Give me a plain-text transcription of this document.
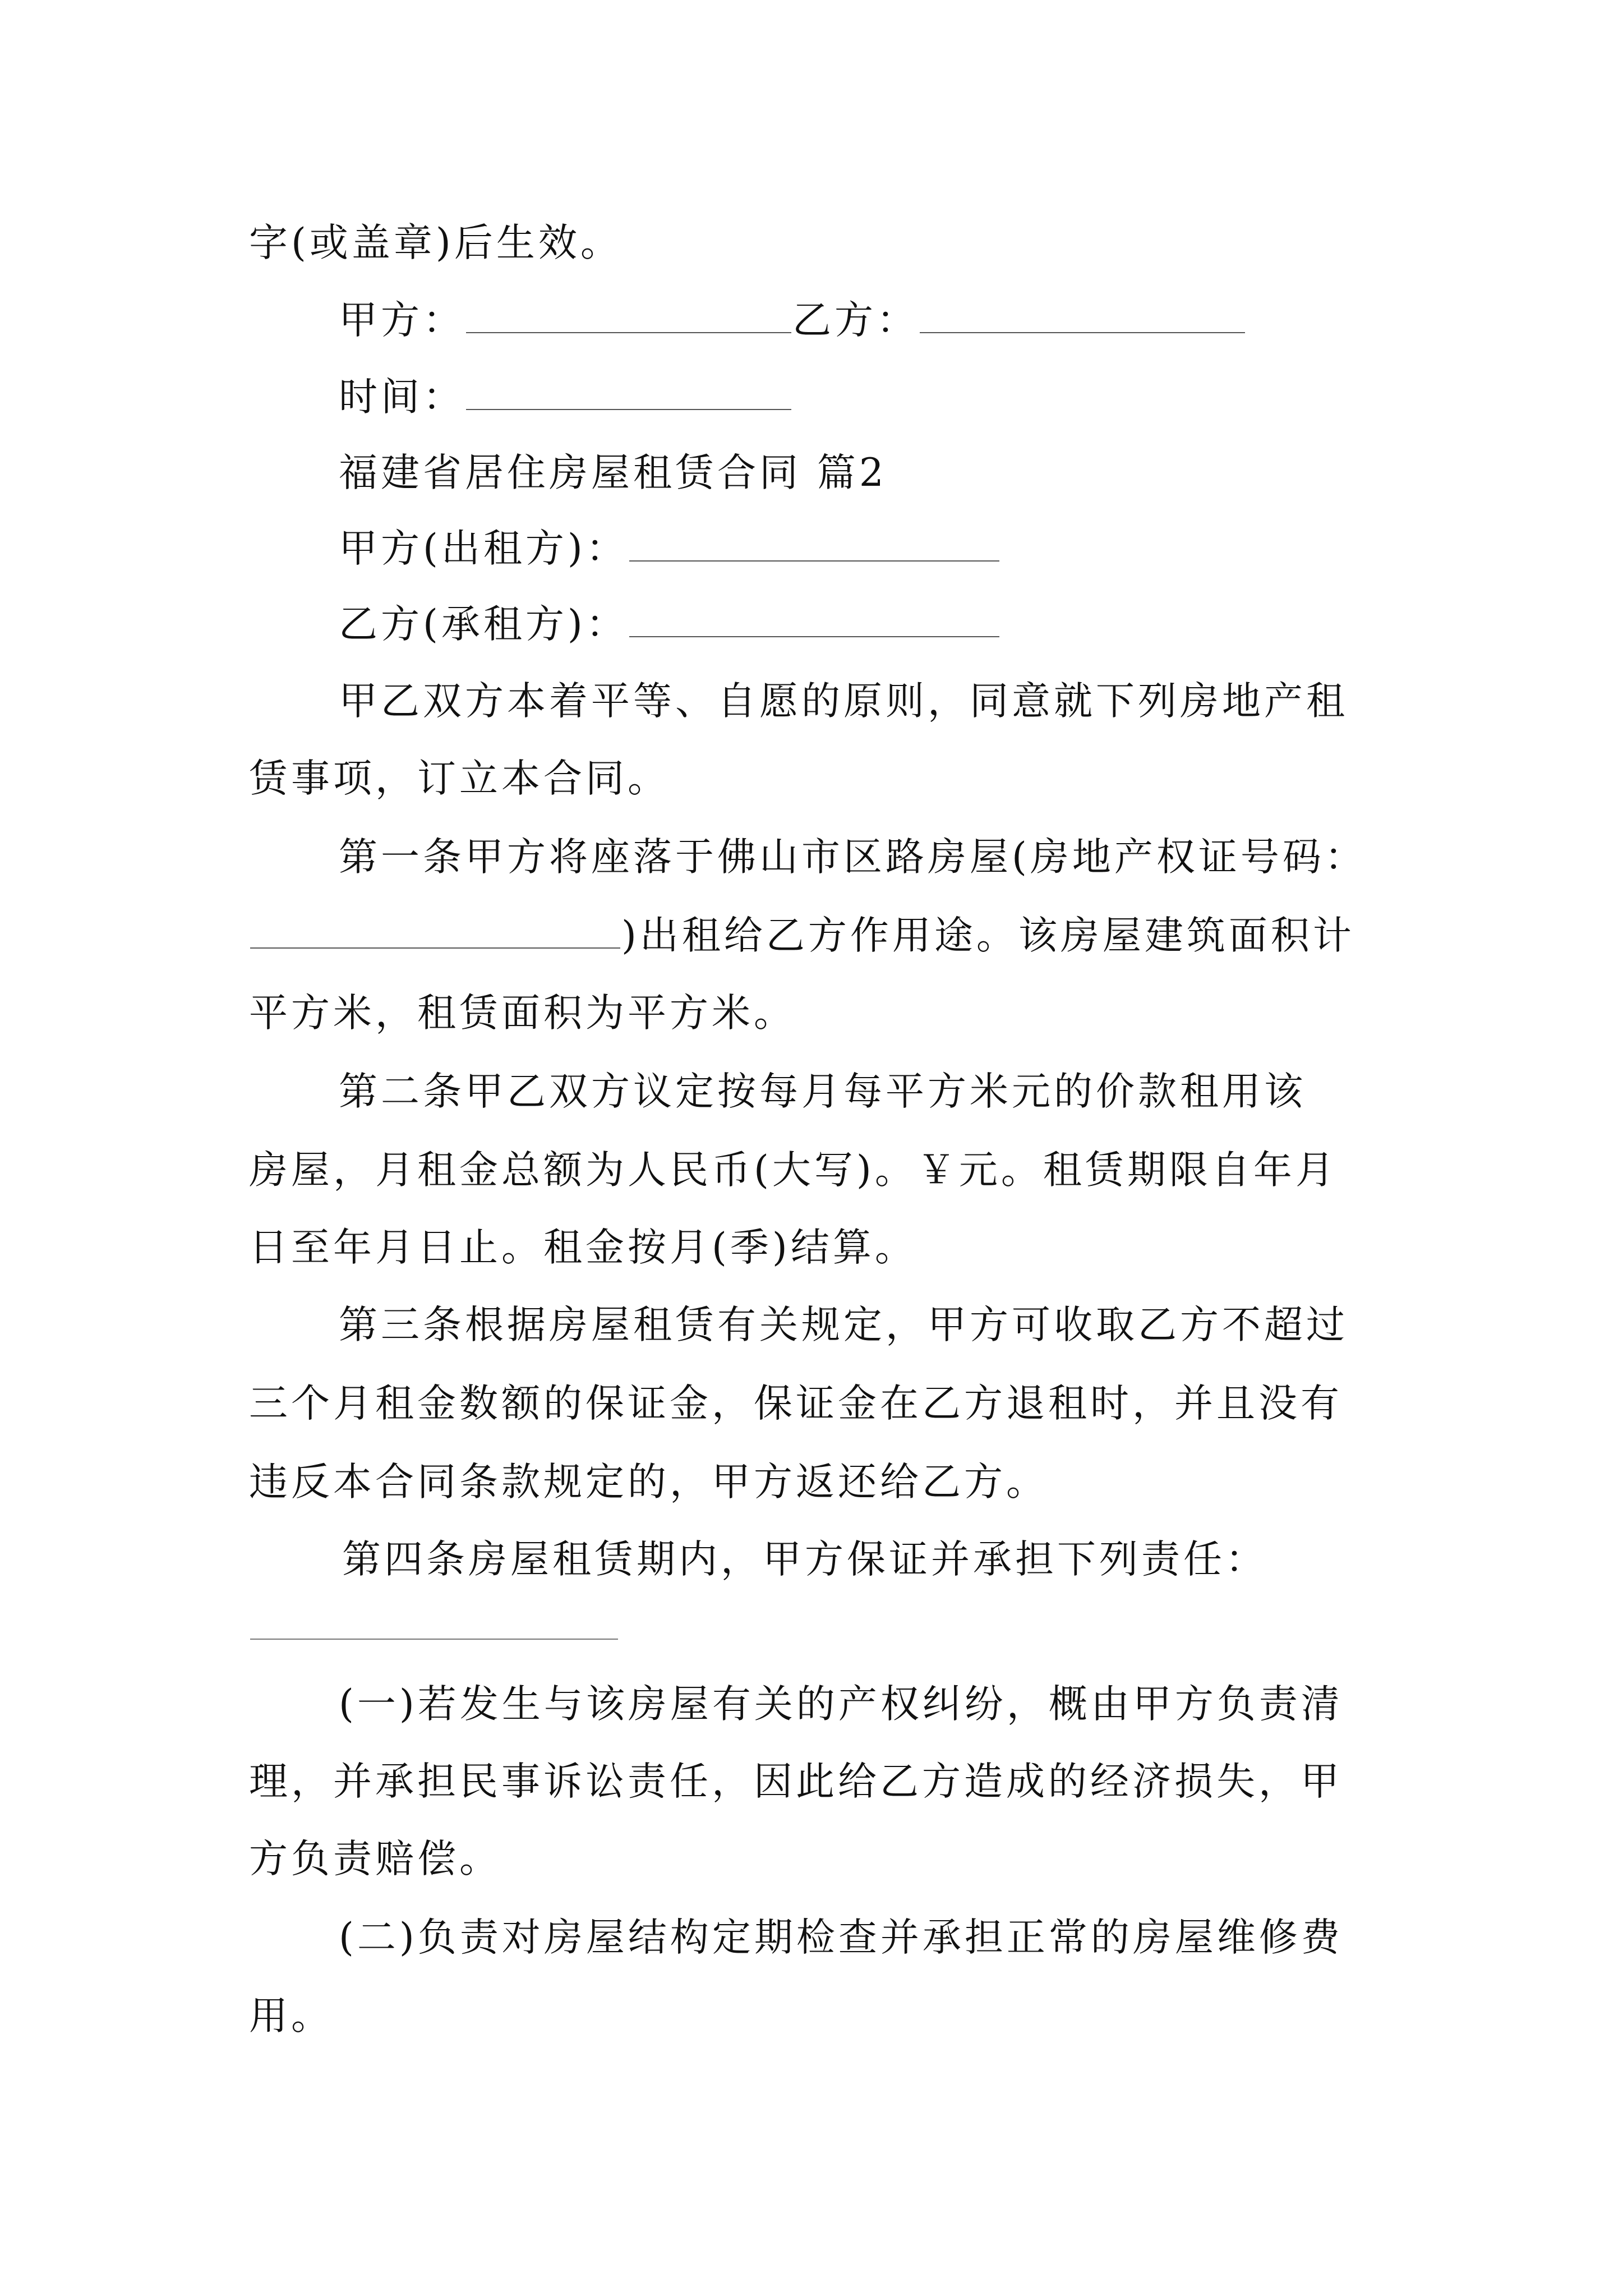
字(或盖章)后生效。
甲方：	乙方：
时间：
福建省居住房屋租赁合同 篇2
甲方(出租方)：
乙方(承租方)：
甲乙双方本着平等、自愿的原则，同意就下列房地产租
赁事项，订立本合同。
第一条甲方将座落于佛山市区路房屋(房地产权证号码：
)出租给乙方作用途。该房屋建筑面积计
平方米，租赁面积为平方米。
第二条甲乙双方议定按每月每平方米元的价款租用该
房屋，月租金总额为人民币(大写)。￥元。租赁期限自年月
日至年月日止。租金按月(季)结算。
第三条根据房屋租赁有关规定，甲方可收取乙方不超过
三个月租金数额的保证金，保证金在乙方退租时，并且没有
违反本合同条款规定的，甲方返还给乙方。
第四条房屋租赁期内，甲方保证并承担下列责任：
(一)若发生与该房屋有关的产权纠纷，概由甲方负责清
理，并承担民事诉讼责任，因此给乙方造成的经济损失，甲
方负责赔偿。
(二)负责对房屋结构定期检查并承担正常的房屋维修费
用。
